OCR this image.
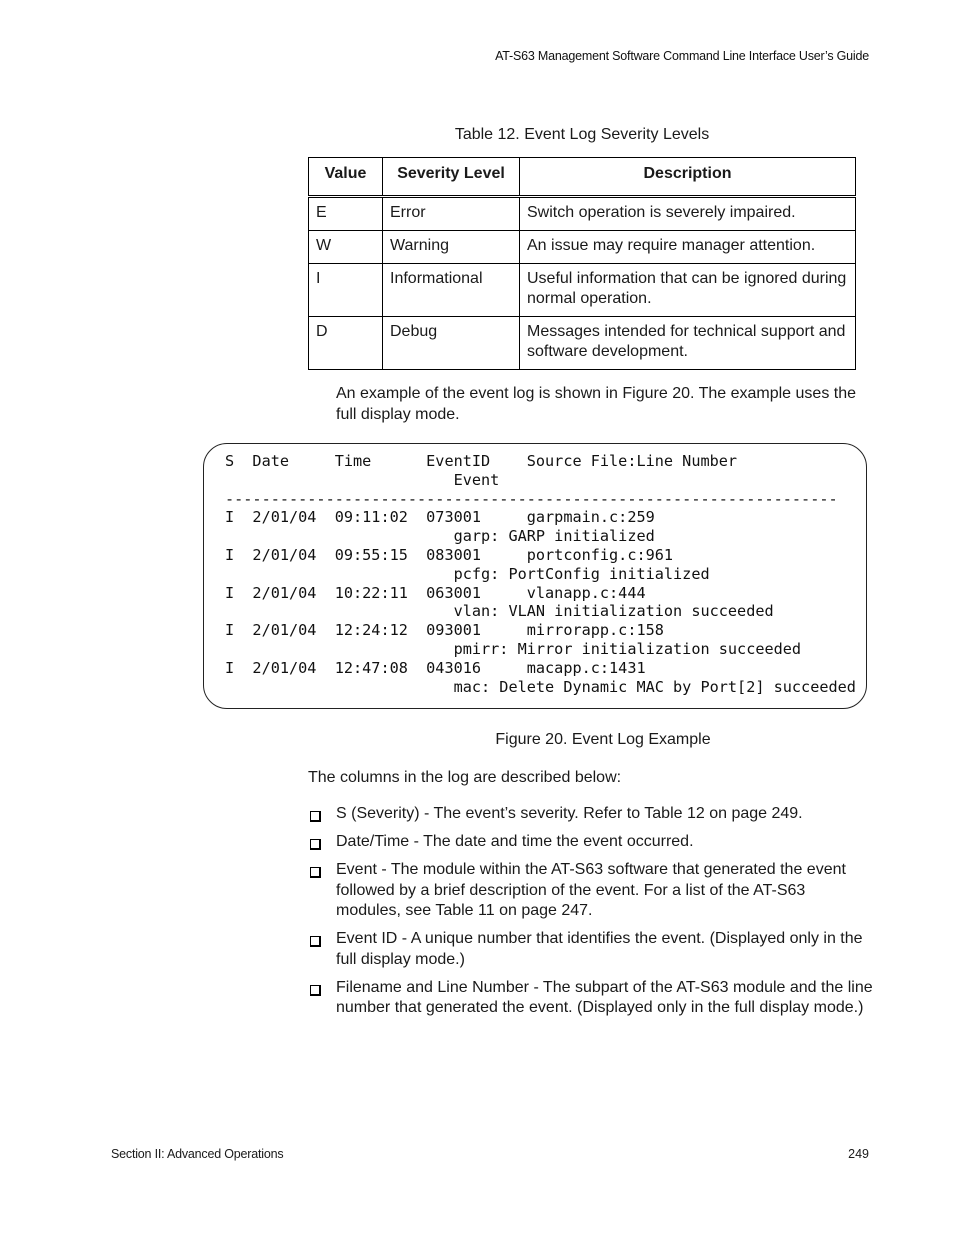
AT-S63 Management Software Command Line Interface User’s Guide
Table 12. Event Log Severity Levels
Value	Severity Level	Description
E	Error	Switch operation is severely impaired.
W	Warning	An issue may require manager attention.
I	Informational	Useful information that can be ignored during normal operation.
D	Debug	Messages intended for technical support and software development.
An example of the event log is shown in Figure 20. The example uses the full display mode.
S  Date     Time      EventID    Source File:Line Number
Event
-------------------------------------------------------------------
I  2/01/04  09:11:02  073001     garpmain.c:259
garp: GARP initialized
I  2/01/04  09:55:15  083001     portconfig.c:961
pcfg: PortConfig initialized
I  2/01/04  10:22:11  063001     vlanapp.c:444
vlan: VLAN initialization succeeded
I  2/01/04  12:24:12  093001     mirrorapp.c:158
pmirr: Mirror initialization succeeded
I  2/01/04  12:47:08  043016     macapp.c:1431
mac: Delete Dynamic MAC by Port[2] succeeded
Figure 20. Event Log Example
The columns in the log are described below:
S (Severity) - The event’s severity. Refer to Table 12 on page 249.
Date/Time - The date and time the event occurred.
Event - The module within the AT-S63 software that generated the event followed by a brief description of the event. For a list of the AT-S63 modules, see Table 11 on page 247.
Event ID - A unique number that identifies the event. (Displayed only in the full display mode.)
Filename and Line Number - The subpart of the AT-S63 module and the line number that generated the event. (Displayed only in the full display mode.)
Section II: Advanced Operations	249
